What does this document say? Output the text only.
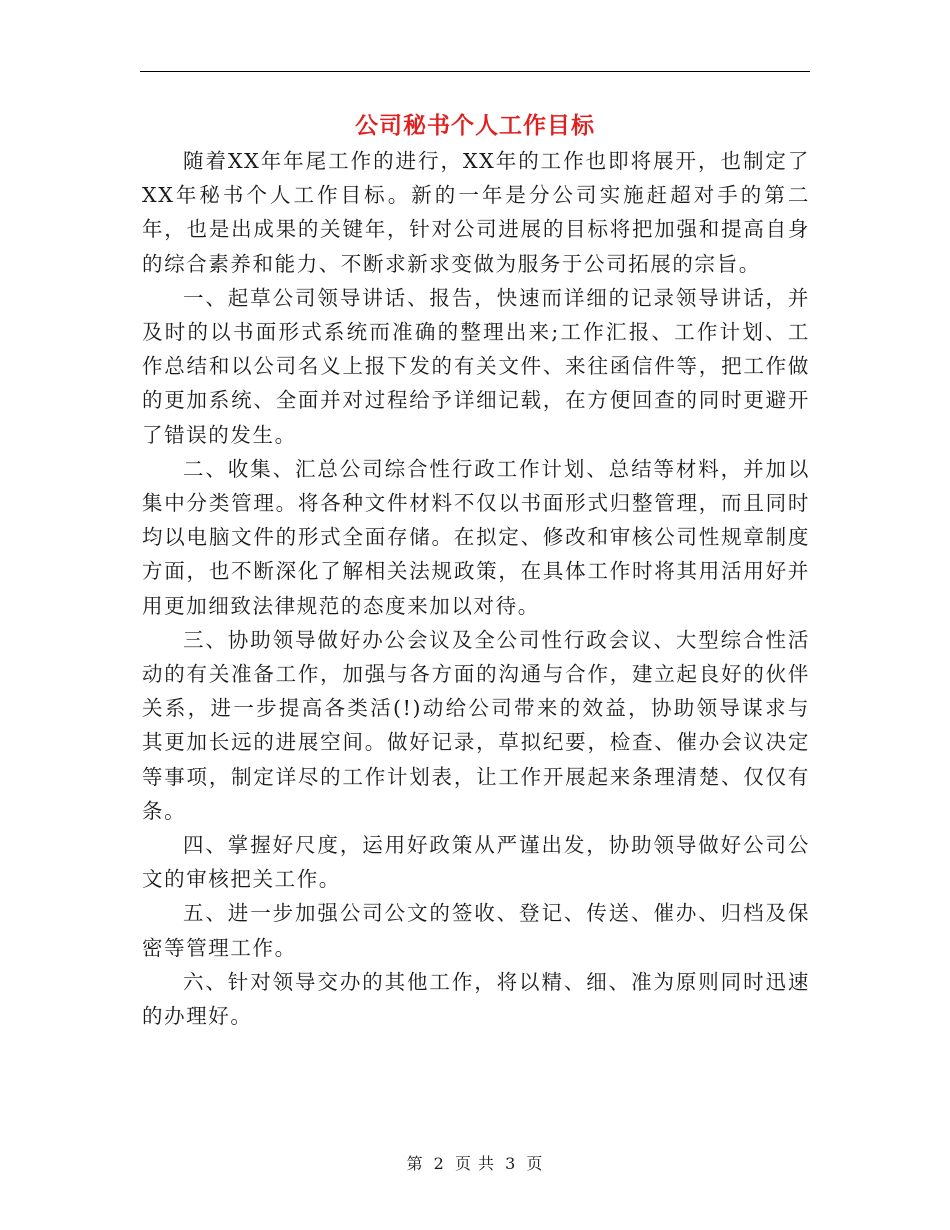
公司秘书个人工作目标

随着XX年年尾工作的进行，XX年的工作也即将展开，也制定了XX年秘书个人工作目标。新的一年是分公司实施赶超对手的第二年，也是出成果的关键年，针对公司进展的目标将把加强和提高自身的综合素养和能力、不断求新求变做为服务于公司拓展的宗旨。

一、起草公司领导讲话、报告，快速而详细的记录领导讲话，并及时的以书面形式系统而准确的整理出来;工作汇报、工作计划、工作总结和以公司名义上报下发的有关文件、来往函信件等，把工作做的更加系统、全面并对过程给予详细记载，在方便回查的同时更避开了错误的发生。

二、收集、汇总公司综合性行政工作计划、总结等材料，并加以集中分类管理。将各种文件材料不仅以书面形式归整管理，而且同时均以电脑文件的形式全面存储。在拟定、修改和审核公司性规章制度方面，也不断深化了解相关法规政策，在具体工作时将其用活用好并用更加细致法律规范的态度来加以对待。

三、协助领导做好办公会议及全公司性行政会议、大型综合性活动的有关准备工作，加强与各方面的沟通与合作，建立起良好的伙伴关系，进一步提高各类活(!)动给公司带来的效益，协助领导谋求与其更加长远的进展空间。做好记录，草拟纪要，检查、催办会议决定等事项，制定详尽的工作计划表，让工作开展起来条理清楚、仅仅有条。

四、掌握好尺度，运用好政策从严谨出发，协助领导做好公司公文的审核把关工作。

五、进一步加强公司公文的签收、登记、传送、催办、归档及保密等管理工作。

六、针对领导交办的其他工作，将以精、细、准为原则同时迅速的办理好。

第 2 页 共 3 页
